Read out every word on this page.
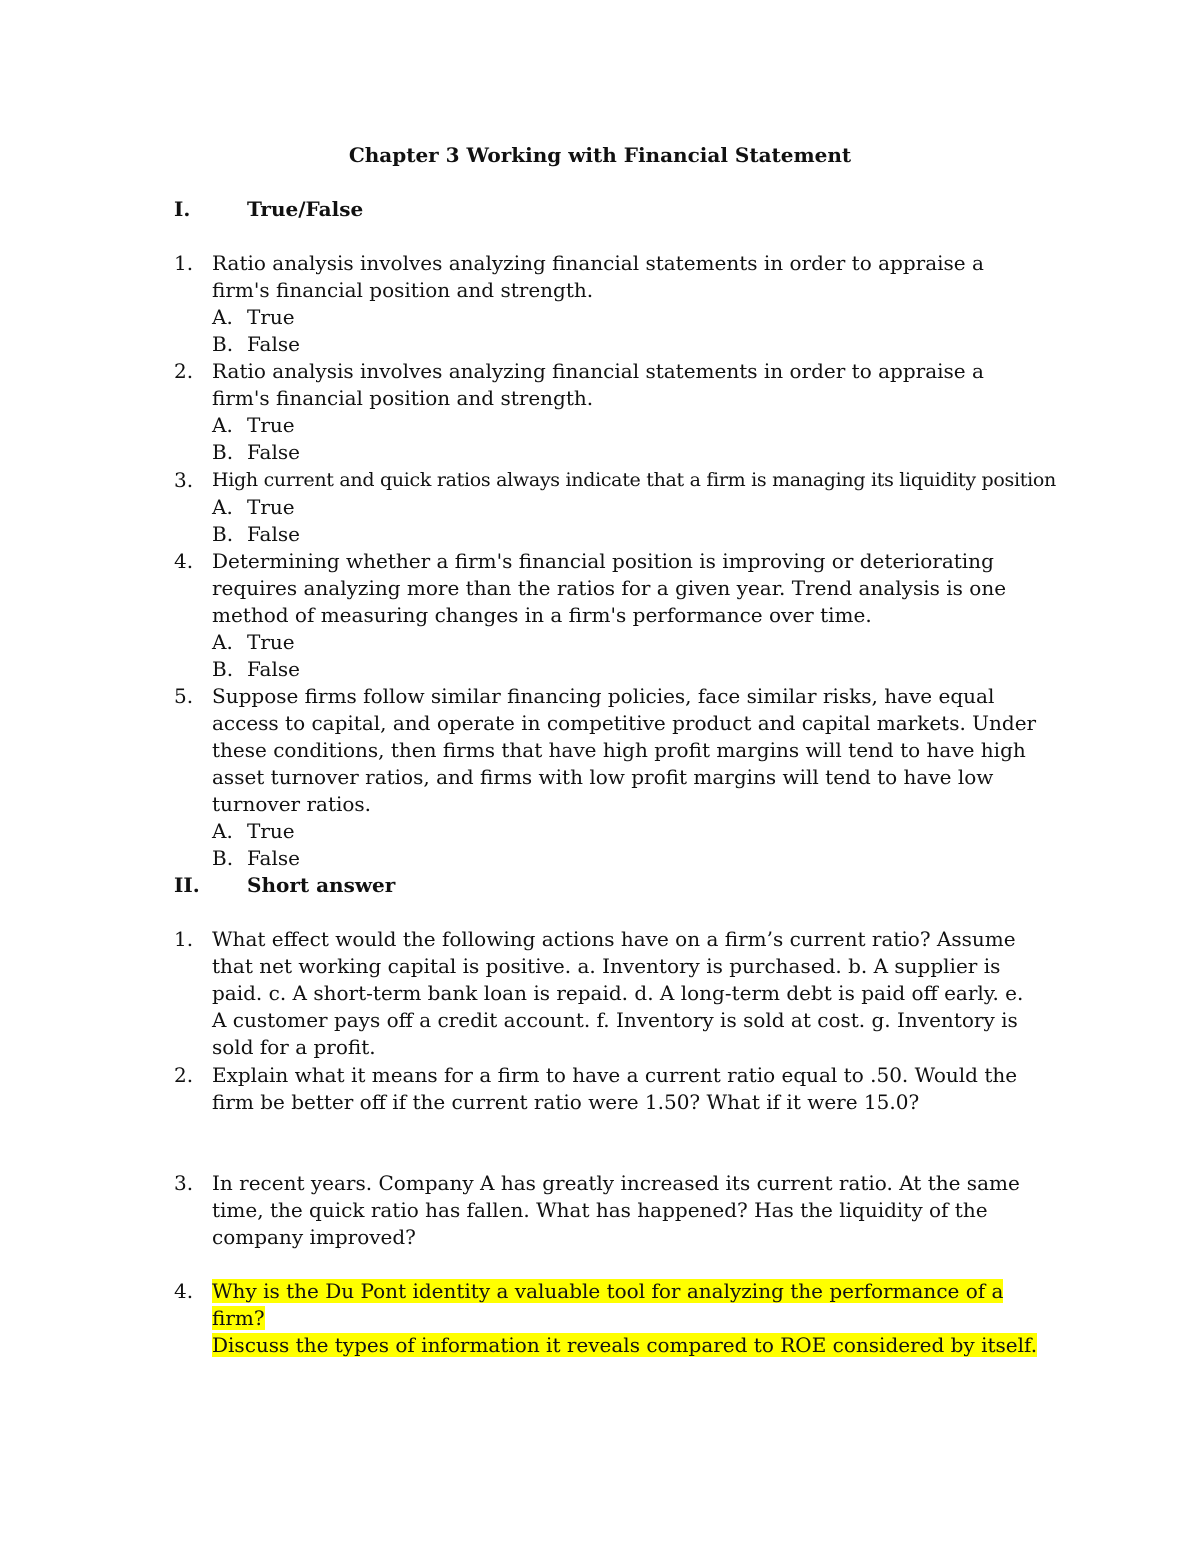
Chapter 3 Working with Financial Statement
I.	True/False
1. Ratio analysis involves analyzing financial statements in order to appraise a firm's financial position and strength.
A. True
B. False
2. Ratio analysis involves analyzing financial statements in order to appraise a firm's financial position and strength.
A. True
B. False
3. High current and quick ratios always indicate that a firm is managing its liquidity position
A. True
B. False
4. Determining whether a firm's financial position is improving or deteriorating requires analyzing more than the ratios for a given year. Trend analysis is one method of measuring changes in a firm's performance over time.
A. True
B. False
5. Suppose firms follow similar financing policies, face similar risks, have equal access to capital, and operate in competitive product and capital markets. Under these conditions, then firms that have high profit margins will tend to have high asset turnover ratios, and firms with low profit margins will tend to have low turnover ratios.
A. True
B. False
II. Short answer
1. What effect would the following actions have on a firm’s current ratio? Assume that net working capital is positive. a. Inventory is purchased. b. A supplier is paid. c. A short-term bank loan is repaid. d. A long-term debt is paid off early. e. A customer pays off a credit account. f. Inventory is sold at cost. g. Inventory is sold for a profit.
2. Explain what it means for a firm to have a current ratio equal to .50. Would the firm be better off if the current ratio were 1.50? What if it were 15.0?
3. In recent years. Company A has greatly increased its current ratio. At the same time, the quick ratio has fallen. What has happened? Has the liquidity of the company improved?
4. Why is the Du Pont identity a valuable tool for analyzing the performance of a firm?
Discuss the types of information it reveals compared to ROE considered by itself.
